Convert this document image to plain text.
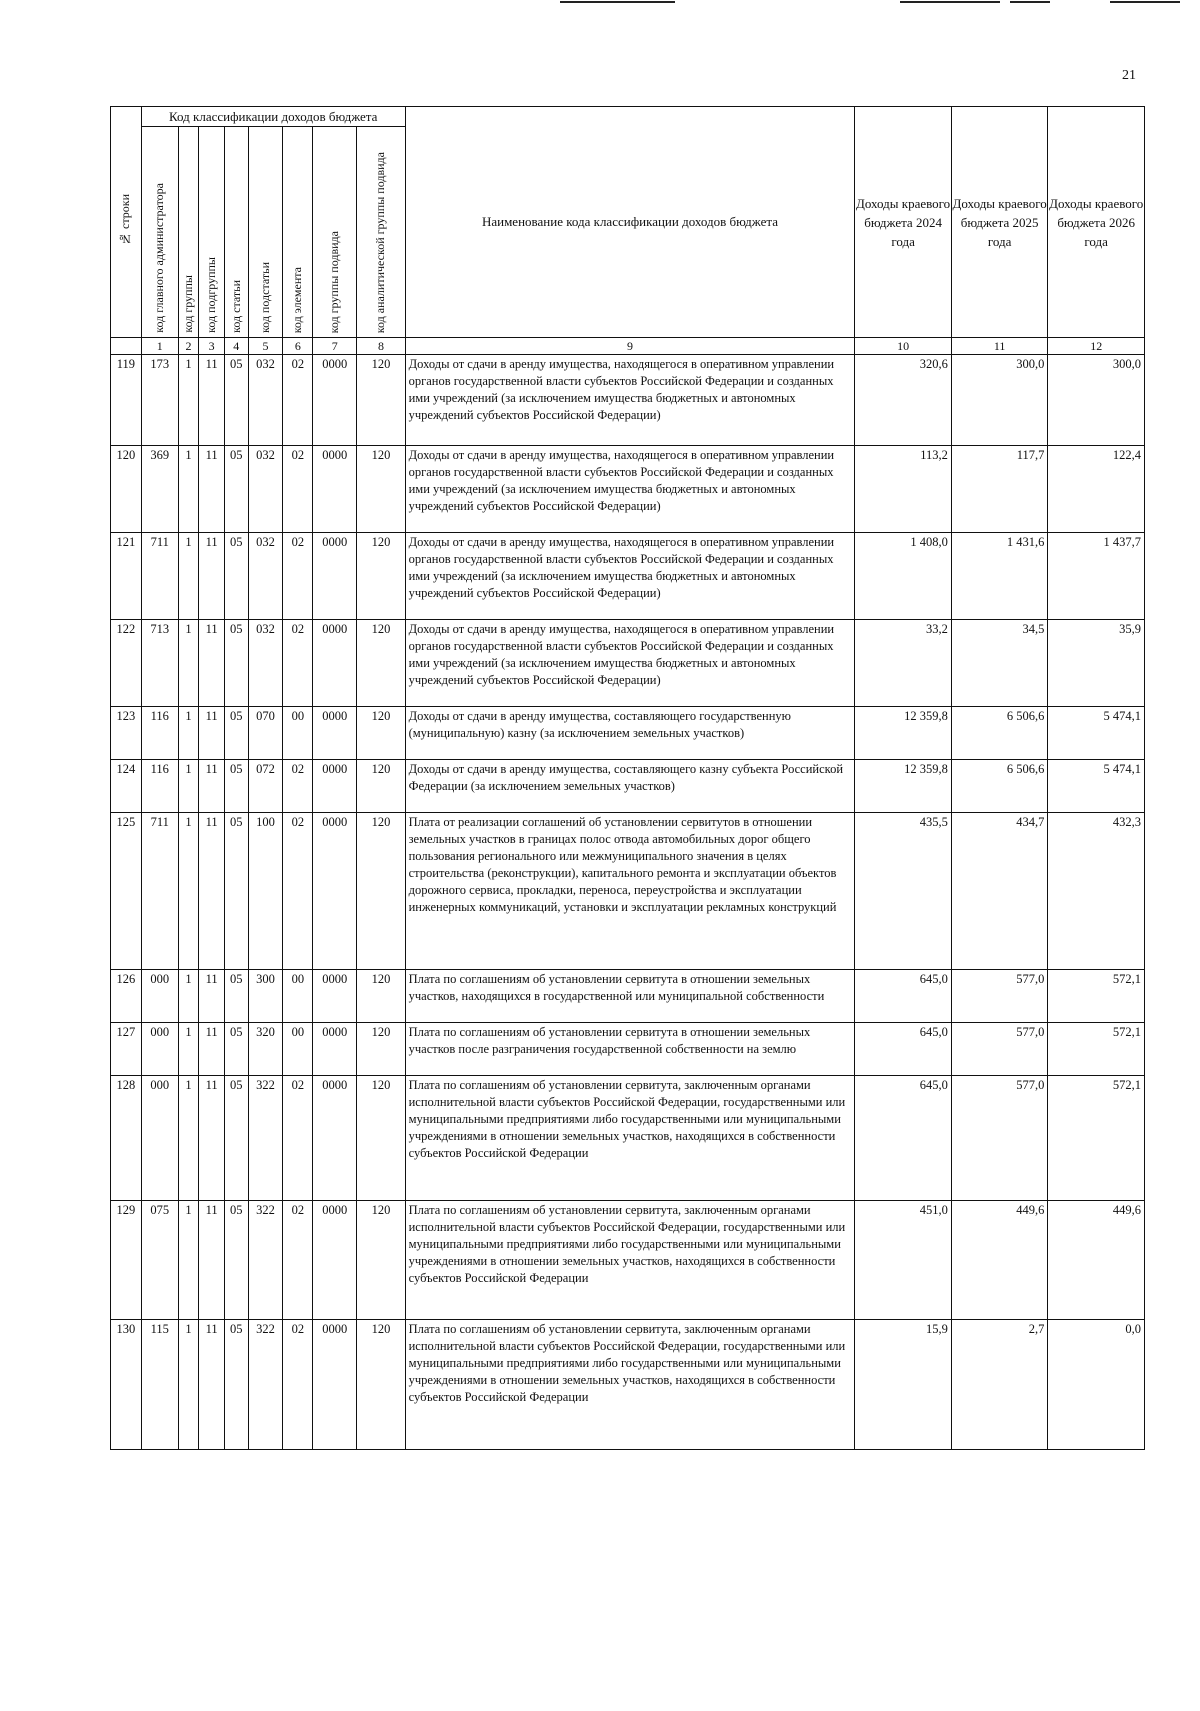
21
№ строки	Код классификации доходов бюджета								Наименование кода классификации доходов бюджета	Доходы краевого бюджета 2024 года	Доходы краевого бюджета 2025 года	Доходы краевого бюджета 2026 года

	код главного администратора	код группы	код подгруппы	код статьи	код подстатьи	код элемента	код группы подвида	код аналитической группы подвида				

	1	2	3	4	5	6	7	8	9	10	11	12
119	173	1	11	05	032	02	0000	120	Доходы от сдачи в аренду имущества, находящегося в оперативном управлении органов государственной власти субъектов Российской Федерации и созданных ими учреждений (за исключением имущества бюджетных и автономных учреждений субъектов Российской Федерации)	320,6	300,0	300,0
120	369	1	11	05	032	02	0000	120	Доходы от сдачи в аренду имущества, находящегося в оперативном управлении органов государственной власти субъектов Российской Федерации и созданных ими учреждений (за исключением имущества бюджетных и автономных учреждений субъектов Российской Федерации)	113,2	117,7	122,4
121	711	1	11	05	032	02	0000	120	Доходы от сдачи в аренду имущества, находящегося в оперативном управлении органов государственной власти субъектов Российской Федерации и созданных ими учреждений (за исключением имущества бюджетных и автономных учреждений субъектов Российской Федерации)	1 408,0	1 431,6	1 437,7
122	713	1	11	05	032	02	0000	120	Доходы от сдачи в аренду имущества, находящегося в оперативном управлении органов государственной власти субъектов Российской Федерации и созданных ими учреждений (за исключением имущества бюджетных и автономных учреждений субъектов Российской Федерации)	33,2	34,5	35,9
123	116	1	11	05	070	00	0000	120	Доходы от сдачи в аренду имущества, составляющего государственную (муниципальную) казну (за исключением земельных участков)	12 359,8	6 506,6	5 474,1
124	116	1	11	05	072	02	0000	120	Доходы от сдачи в аренду имущества, составляющего казну субъекта Российской Федерации (за исключением земельных участков)	12 359,8	6 506,6	5 474,1
125	711	1	11	05	100	02	0000	120	Плата от реализации соглашений об установлении сервитутов в отношении земельных участков в границах полос отвода автомобильных дорог общего пользования регионального или межмуниципального значения в целях строительства (реконструкции), капитального ремонта и эксплуатации объектов дорожного сервиса, прокладки, переноса, переустройства и эксплуатации инженерных коммуникаций, установки и эксплуатации рекламных конструкций	435,5	434,7	432,3
126	000	1	11	05	300	00	0000	120	Плата по соглашениям об установлении сервитута в отношении земельных участков, находящихся в государственной или муниципальной собственности	645,0	577,0	572,1
127	000	1	11	05	320	00	0000	120	Плата по соглашениям об установлении сервитута в отношении земельных участков после разграничения государственной собственности на землю	645,0	577,0	572,1
128	000	1	11	05	322	02	0000	120	Плата по соглашениям об установлении сервитута, заключенным органами исполнительной власти субъектов Российской Федерации, государственными или муниципальными предприятиями либо государственными или муниципальными учреждениями в отношении земельных участков, находящихся в собственности субъектов Российской Федерации	645,0	577,0	572,1
129	075	1	11	05	322	02	0000	120	Плата по соглашениям об установлении сервитута, заключенным органами исполнительной власти субъектов Российской Федерации, государственными или муниципальными предприятиями либо государственными или муниципальными учреждениями в отношении земельных участков, находящихся в собственности субъектов Российской Федерации	451,0	449,6	449,6
130	115	1	11	05	322	02	0000	120	Плата по соглашениям об установлении сервитута, заключенным органами исполнительной власти субъектов Российской Федерации, государственными или муниципальными предприятиями либо государственными или муниципальными учреждениями в отношении земельных участков, находящихся в собственности субъектов Российской Федерации	15,9	2,7	0,0
